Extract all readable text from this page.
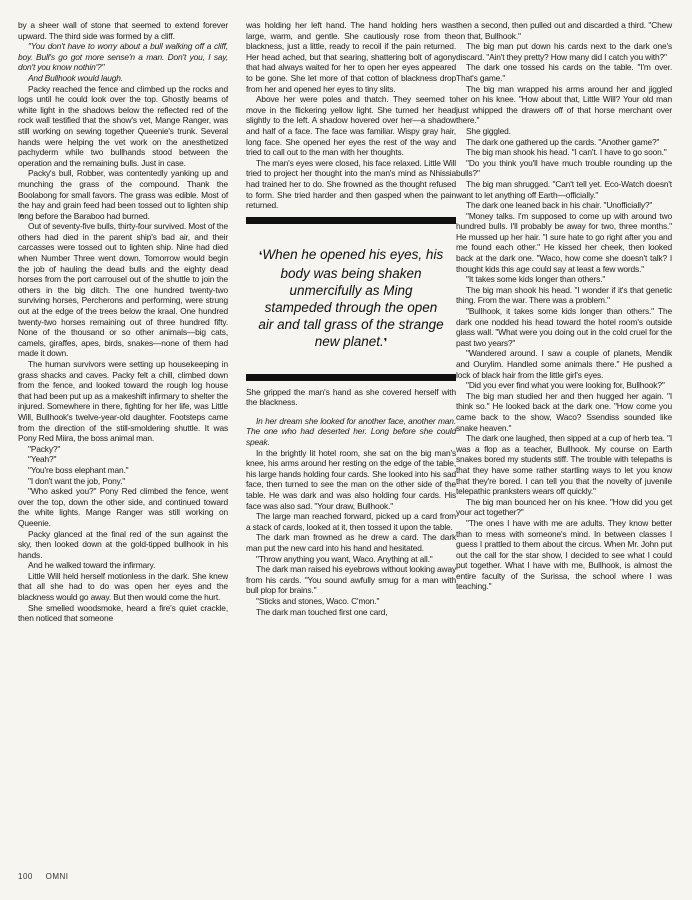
by a sheer wall of stone that seemed to extend forever upward. The third side was formed by a cliff.

"You don't have to worry about a bull walking off a cliff, boy. Bull's go got more sense'n a man. Don't you, I say, don't you know nothin'?"

And Bullhook would laugh.

Packy reached the fence and climbed up the rocks and logs until he could look over the top. Ghostly beams of white light in the shadows below the reflected red of the rock wall testified that the show's vet, Mange Ranger, was still working on sewing together Queenie's trunk. Several hands were helping the vet work on the anesthetized pachyderm while two bullhands stood between the operation and the remaining bulls. Just in case.

Packy's bull, Robber, was contentedly yanking up and munching the grass of the compound. Thank the Boolabong for small favors. The grass was edible. Most of the hay and grain feed had been tossed out to lighten ship long before the Baraboo had burned.

Out of seventy-five bulls, thirty-four survived. Most of the others had died in the parent ship's bad air, and their carcasses were tossed out to lighten ship. Nine had died when Number Three went down. Tomorrow would begin the job of hauling the dead bulls and the eighty dead horses from the port carrousel out of the shuttle to join the others in the big ditch. The one hundred twenty-two surviving horses, Percherons and performing, were strung out at the edge of the trees below the kraal. One hundred twenty-two horses remaining out of three hundred fifty. None of the thousand or so other animals—big cats, camels, giraffes, apes, birds, snakes—none of them had made it down.

The human survivors were setting up housekeeping in grass shacks and caves. Packy felt a chill, climbed down from the fence, and looked toward the rough log house that had been put up as a makeshift infirmary to shelter the injured. Somewhere in there, fighting for her life, was Little Will, Bullhook's twelve-year-old daughter. Footsteps came from the direction of the still-smoldering shuttle. It was Pony Red Miira, the boss animal man.

"Packy?"

"Yeah?"

"You're boss elephant man."

"I don't want the job, Pony."

"Who asked you?" Pony Red climbed the fence, went over the top, down the other side, and continued toward the white lights. Mange Ranger was still working on Queenie.

Packy glanced at the final red of the sun against the sky, then looked down at the gold-tipped bullhook in his hands.

And he walked toward the infirmary.

Little Will held herself motionless in the dark. She knew that all she had to do was open her eyes and the blackness would go away. But then would come the hurt.

She smelled woodsmoke, heard a fire's quiet crackle, then noticed that someone

was holding her left hand. The hand holding hers was large, warm, and gentle. She cautiously rose from the blackness, just a little, ready to recoil if the pain returned. Her head ached, but that searing, shattering bolt of agony that had always waited for her to open her eyes appeared to be gone. She let more of that cotton of blackness drop from her and opened her eyes to tiny slits.

Above her were poles and thatch. They seemed to move in the flickering yellow light. She turned her head slightly to the left. A shadow hovered over her—a shadow and half of a face. The face was familiar. Wispy gray hair, long face. She opened her eyes the rest of the way and tried to call out to the man with her thoughts.

The man's eyes were closed, his face relaxed. Little Will tried to project her thought into the man's mind as Nhissia had trained her to do. She frowned as the thought refused to form. She tried harder and then gasped when the pain returned.

❛When he opened his eyes, his body was being shaken unmercifully as Ming stampeded through the open air and tall grass of the strange new planet.❜

She gripped the man's hand as she covered herself with the blackness.

In her dream she looked for another face, another man. The one who had deserted her. Long before she could speak.

In the brightly lit hotel room, she sat on the big man's knee, his arms around her resting on the edge of the table, his large hands holding four cards. She looked into his sad face, then turned to see the man on the other side of the table. He was dark and was also holding four cards. His face was also sad. "Your draw, Bullhook."

The large man reached forward, picked up a card from a stack of cards, looked at it, then tossed it upon the table.

The dark man frowned as he drew a card. The dark man put the new card into his hand and hesitated.

"Throw anything you want, Waco. Anything at all."

The dark man raised his eyebrows without looking away from his cards. "You sound awfully smug for a man with bull plop for brains."

"Sticks and stones, Waco. C'mon."

The dark man touched first one card,

then a second, then pulled out and discarded a third. "Chew on that, Bullhook."

The big man put down his cards next to the dark one's discard. "Ain't they pretty? How many did I catch you with?"

The dark one tossed his cards on the table. "I'm over. That's game."

The big man wrapped his arms around her and jiggled her on his knee. "How about that, Little Will? Your old man just whipped the drawers off of that horse merchant over there."

She giggled.

The dark one gathered up the cards. "Another game?"

The big man shook his head. "I can't. I have to go soon."

"Do you think you'll have much trouble rounding up the bulls?"

The big man shrugged. "Can't tell yet. Eco-Watch doesn't want to let anything off Earth—officially."

The dark one leaned back in his chair. "Unofficially?"

"Money talks. I'm supposed to come up with around two hundred bulls. I'll probably be away for two, three months." He mussed up her hair. "I sure hate to go right after you and me found each other." He kissed her cheek, then looked back at the dark one. "Waco, how come she doesn't talk? I thought kids this age could say at least a few words."

"It takes some kids longer than others."

The big man shook his head. "I wonder if it's that genetic thing. From the war. There was a problem."

"Bullhook, it takes some kids longer than others." The dark one nodded his head toward the hotel room's outside glass wall. "What were you doing out in the cold cruel for the past two years?"

"Wandered around. I saw a couple of planets, Mendik and Ourylim. Handled some animals there." He pushed a lock of black hair from the little girl's eyes.

"Did you ever find what you were looking for, Bullhook?"

The big man studied her and then hugged her again. "I think so." He looked back at the dark one. "How come you came back to the show, Waco? Ssendiss sounded like snake heaven."

The dark one laughed, then sipped at a cup of herb tea. "I was a flop as a teacher, Bullhook. My course on Earth snakes bored my students stiff. The trouble with telepaths is that they have some rather startling ways to let you know that they're bored. I can tell you that the novelty of juvenile telepathic pranksters wears off quickly."

The big man bounced her on his knee. "How did you get your act together?"

"The ones I have with me are adults. They know better than to mess with someone's mind. In between classes I guess I prattled to them about the circus. When Mr. John put out the call for the star show, I decided to see what I could put together. What I have with me, Bullhook, is almost the entire faculty of the Surissa, the school where I was teaching."

100 OMNI
